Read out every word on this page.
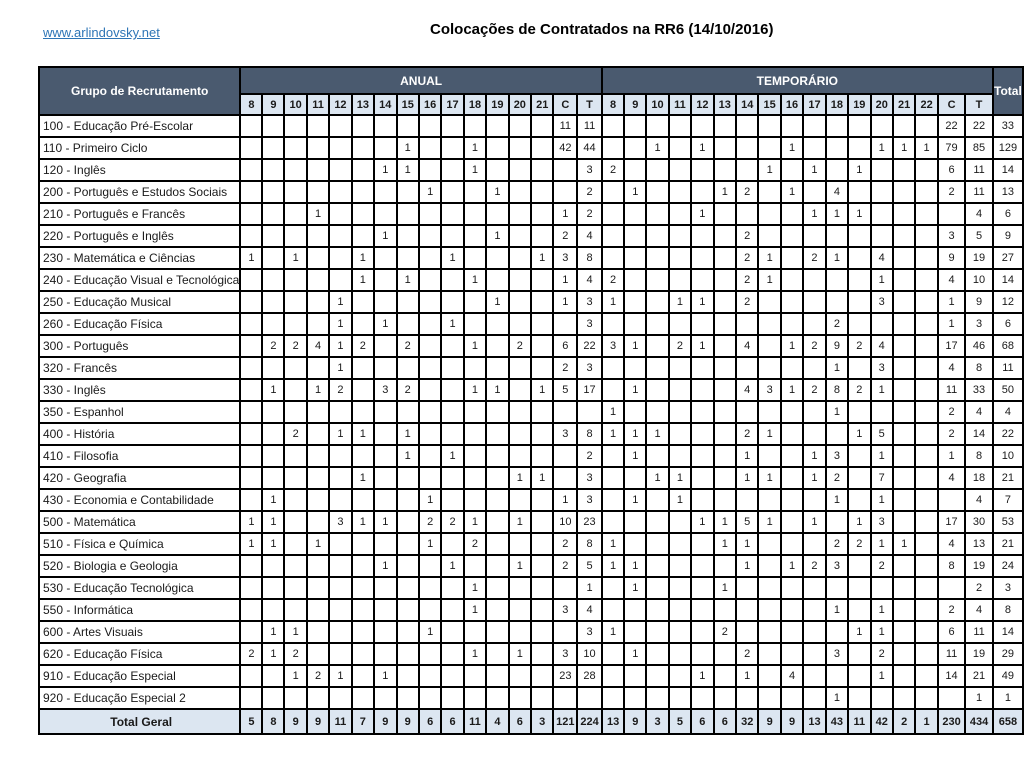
www.arlindovsky.net	Colocações de Contratados na RR6 (14/10/2016)
Grupo de Recrutamento	ANUAL																TEMPORÁRIO																	Total
	8	9	10	11	12	13	14	15	16	17	18	19	20	21	C	T	8	9	10	11	12	13	14	15	16	17	18	19	20	21	22	C	T	
100 - Educação Pré-Escolar															11	11																22	22	33
110 - Primeiro Ciclo								1			1				42	44			1		1				1				1	1	1	79	85	129
120 - Inglês							1	1			1					3	2							1		1		1				6	11	14
200 - Português e Estudos Sociais									1			1				2		1				1	2		1		4					2	11	13
210 - Português e Francês				1											1	2					1					1	1	1					4	6
220 - Português e Inglês							1					1			2	4							2									3	5	9
230 - Matemática e Ciências	1		1			1				1				1	3	8							2	1		2	1		4			9	19	27
240 - Educação Visual e Tecnológica						1		1			1				1	4	2						2	1					1			4	10	14
250 - Educação Musical					1							1			1	3	1			1	1		2						3			1	9	12
260 - Educação Física					1		1			1						3											2					1	3	6
300 - Português		2	2	4	1	2		2			1		2		6	22	3	1		2	1		4		1	2	9	2	4			17	46	68
320 - Francês					1										2	3											1		3			4	8	11
330 - Inglês		1		1	2		3	2			1	1		1	5	17		1					4	3	1	2	8	2	1			11	33	50
350 - Espanhol																	1										1					2	4	4
400 - História			2		1	1		1							3	8	1	1	1				2	1				1	5			2	14	22
410 - Filosofia								1		1						2		1					1			1	3		1			1	8	10
420 - Geografia						1							1	1		3			1	1			1	1		1	2		7			4	18	21
430 - Economia e Contabilidade		1							1						1	3		1		1							1		1				4	7
500 - Matemática	1	1			3	1	1		2	2	1		1		10	23					1	1	5	1		1		1	3			17	30	53
510 - Física e Química	1	1		1					1		2				2	8	1					1	1				2	2	1	1		4	13	21
520 - Biologia e Geologia							1			1			1		2	5	1	1					1		1	2	3		2			8	19	24
530 - Educação Tecnológica											1					1		1				1											2	3
550 - Informática											1				3	4											1		1			2	4	8
600 - Artes Visuais		1	1						1							3	1					2						1	1			6	11	14
620 - Educação Física	2	1	2								1		1		3	10		1					2				3		2			11	19	29
910 - Educação Especial			1	2	1		1								23	28					1		1		4				1			14	21	49
920 - Educação Especial 2																											1						1	1
Total Geral	5	8	9	9	11	7	9	9	6	6	11	4	6	3	121	224	13	9	3	5	6	6	32	9	9	13	43	11	42	2	1	230	434	658
